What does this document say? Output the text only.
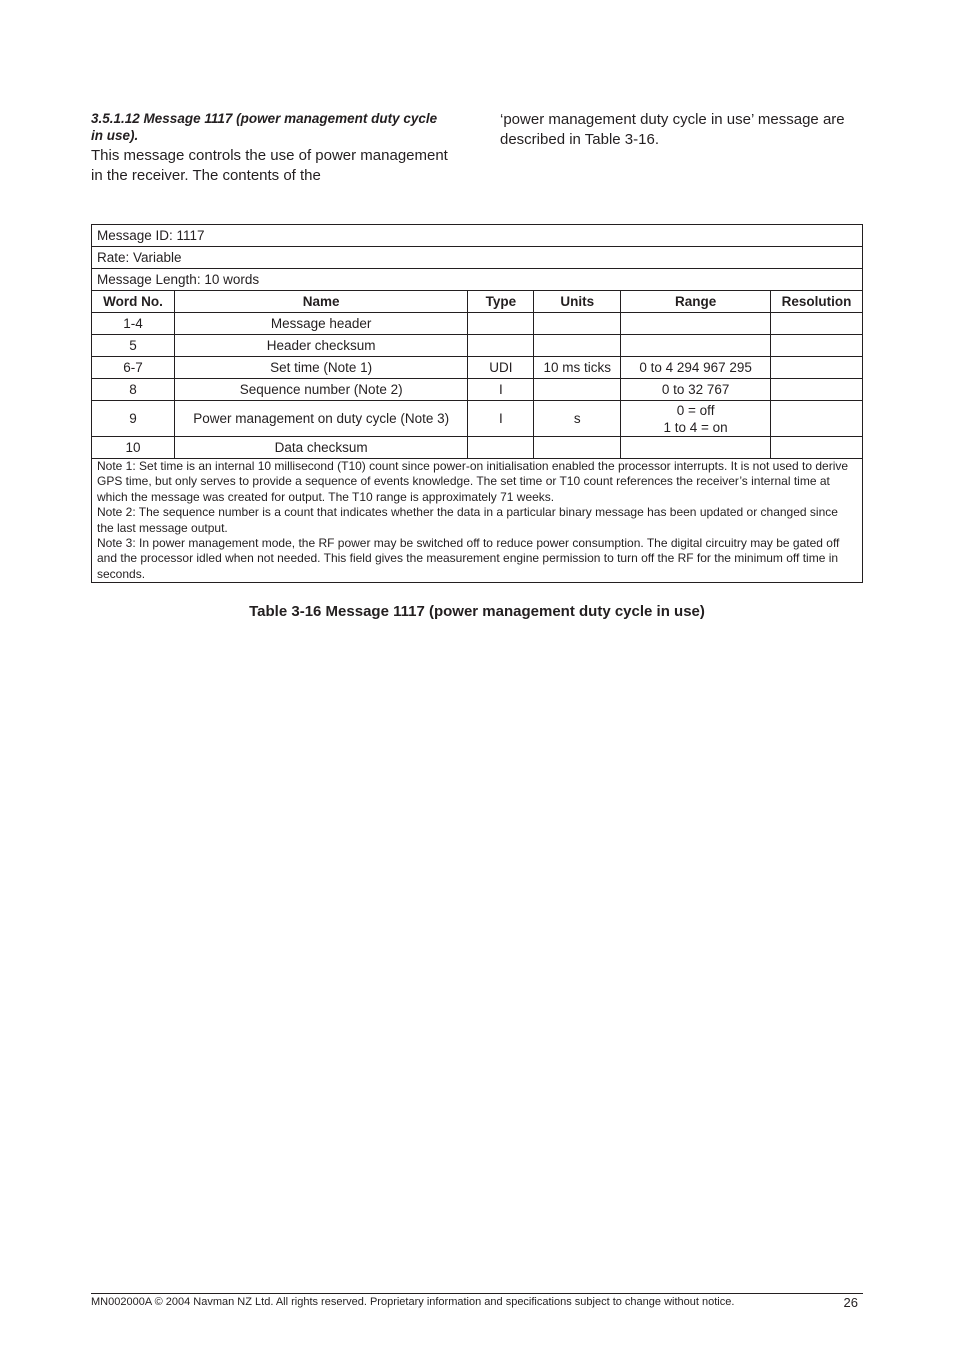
3.5.1.12 Message 1117 (power management duty cycle in use).
This message controls the use of power management in the receiver. The contents of the
‘power management duty cycle in use’ message are described in Table 3-16.
Message ID: 1117					
Rate: Variable					
Message Length: 10 words					
Word No.	Name	Type	Units	Range	Resolution
1-4	Message header				
5	Header checksum				
6-7	Set time (Note 1)	UDI	10 ms ticks	0 to 4 294 967 295	
8	Sequence number (Note 2)	I		0 to 32 767	
9	Power management on duty cycle (Note 3)	I	s	0 = off
1 to 4 = on	

10	Data checksum				

Note 1: Set time is an internal 10 millisecond (T10) count since power-on initialisation enabled the processor interrupts. It is not used to derive GPS time, but only serves to provide a sequence of events knowledge. The set time or T10 count references the receiver’s internal time at which the message was created for output. The T10 range is approximately 71 weeks.
Note 2: The sequence number is a count that indicates whether the data in a particular binary message has been updated or changed since the last message output.
Note 3: In power management mode, the RF power may be switched off to reduce power consumption. The digital circuitry may be gated off and the processor idled when not needed. This field gives the measurement engine permission to turn off the RF for the minimum off time in seconds.					
Table 3-16 Message 1117 (power management duty cycle in use)
MN002000A © 2004 Navman NZ Ltd. All rights reserved. Proprietary information and specifications subject to change without notice.	26
